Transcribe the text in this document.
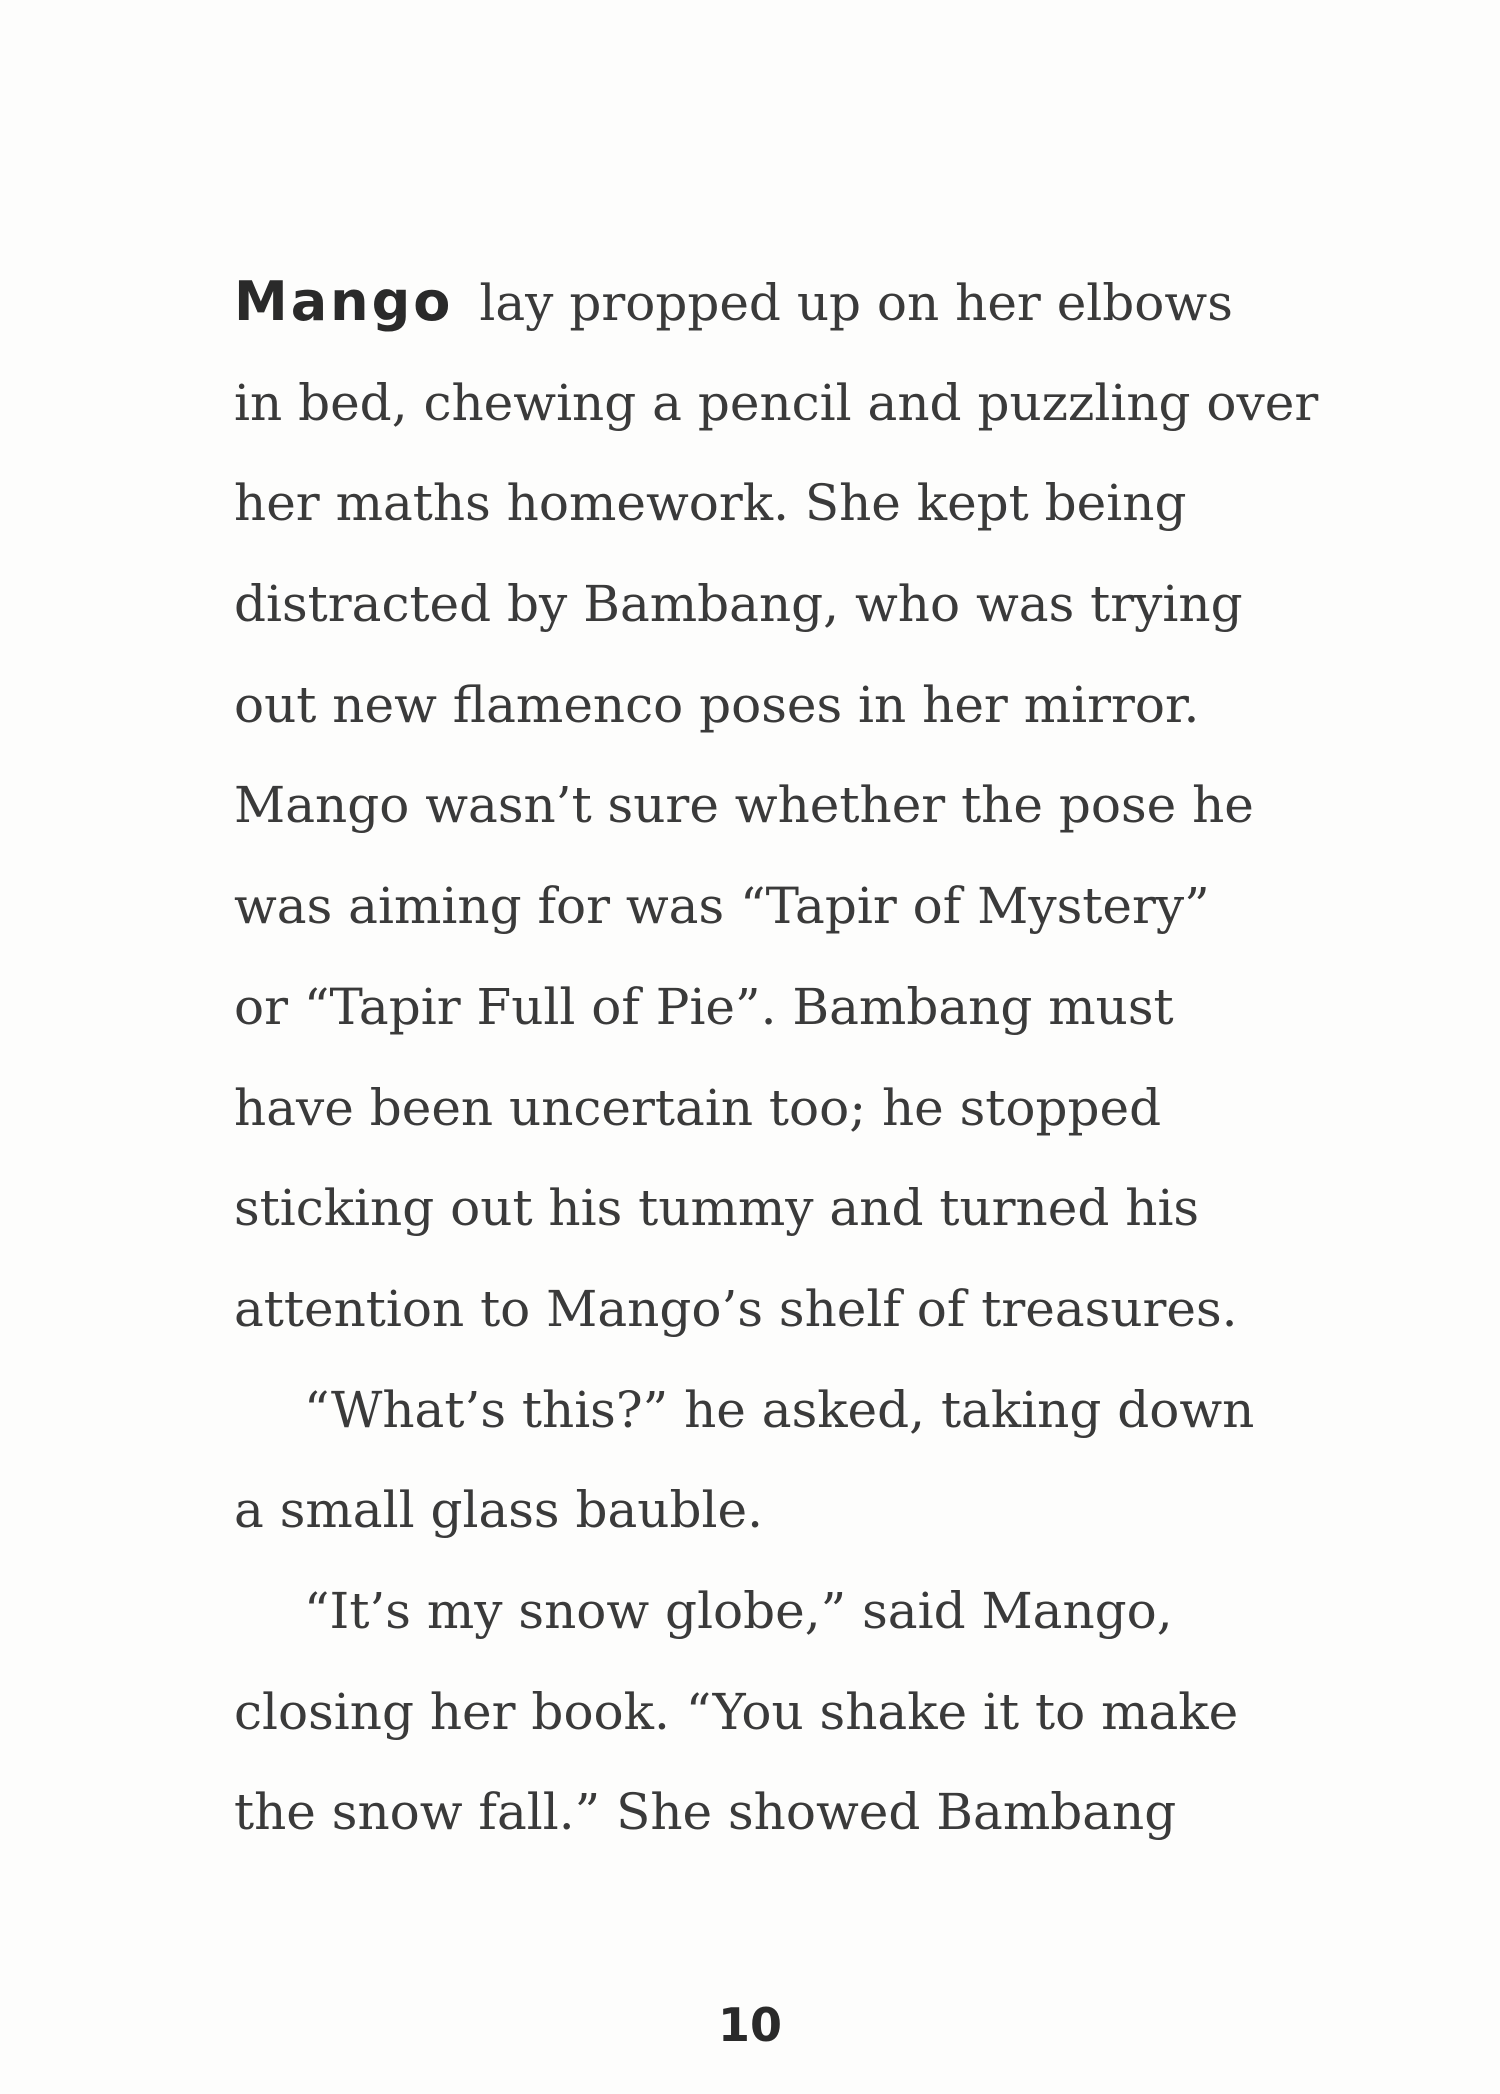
Mango lay propped up on her elbows
in bed, chewing a pencil and puzzling over
her maths homework. She kept being
distracted by Bambang, who was trying
out new flamenco poses in her mirror.
Mango wasn’t sure whether the pose he
was aiming for was “Tapir of Mystery”
or “Tapir Full of Pie”. Bambang must
have been uncertain too; he stopped
sticking out his tummy and turned his
attention to Mango’s shelf of treasures.
“What’s this?” he asked, taking down
a small glass bauble.
“It’s my snow globe,” said Mango,
closing her book. “You shake it to make
the snow fall.” She showed Bambang
10
